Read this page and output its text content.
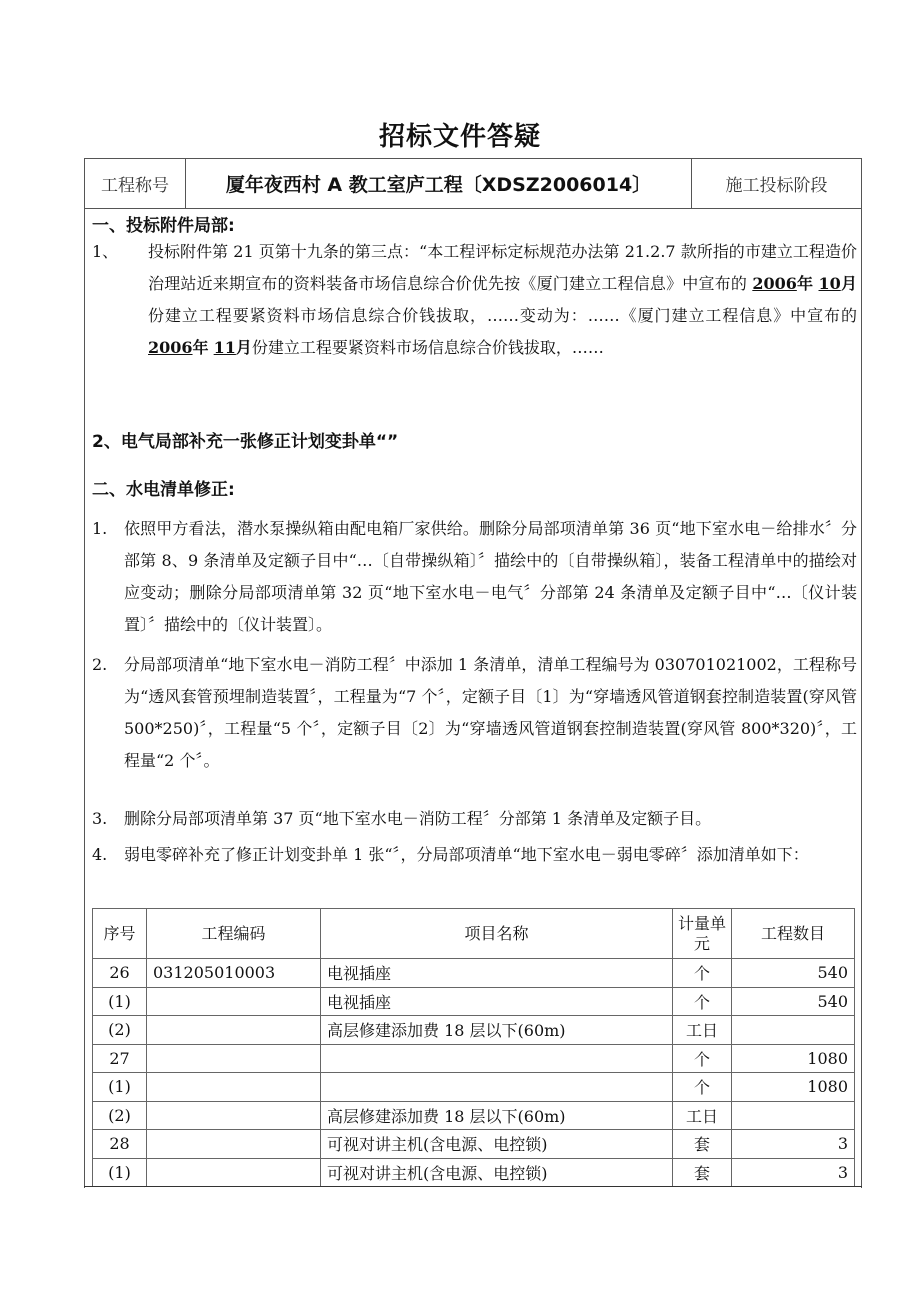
招标文件答疑
工程称号	厦年夜西村 A 教工室庐工程〔XDSZ2006014〕	施工投标阶段
一、投标附件局部:
1、 投标附件第 21 页第十九条的第三点：“本工程评标定标规范办法第 21.2.7 款所指的市建立工程造价治理站近来期宣布的资料装备市场信息综合价优先按《厦门建立工程信息》中宣布的 2006年 10月份建立工程要紧资料市场信息综合价钱拔取，……变动为：……《厦门建立工程信息》中宣布的 2006年 11月份建立工程要紧资料市场信息综合价钱拔取，……
2、电气局部补充一张修正计划变卦单“”
二、水电清单修正:
1. 依照甲方看法，潜水泵操纵箱由配电箱厂家供给。删除分局部项清单第 36 页“地下室水电－给排水〞分部第 8、9 条清单及定额子目中“…〔自带操纵箱〕〞描绘中的〔自带操纵箱〕，装备工程清单中的描绘对应变动；删除分局部项清单第 32 页“地下室水电－电气〞分部第 24 条清单及定额子目中“…〔仪计装置〕〞描绘中的〔仪计装置〕。
2. 分局部项清单“地下室水电－消防工程〞中添加 1 条清单，清单工程编号为 030701021002，工程称号为“透风套管预埋制造装置〞，工程量为“7 个〞，定额子目〔1〕为“穿墙透风管道钢套控制造装置(穿风管 500*250)〞，工程量“5 个〞，定额子目〔2〕为“穿墙透风管道钢套控制造装置(穿风管 800*320)〞，工程量“2 个〞。
3. 删除分局部项清单第 37 页“地下室水电－消防工程〞分部第 1 条清单及定额子目。
4. 弱电零碎补充了修正计划变卦单 1 张“〞，分局部项清单“地下室水电－弱电零碎〞添加清单如下：
序号	工程编码	项目名称	计量单元	工程数目
26	031205010003	电视插座	个	540
(1)		电视插座	个	540
(2)		高层修建添加费 18 层以下(60m)	工日	
27			个	1080
(1)			个	1080
(2)		高层修建添加费 18 层以下(60m)	工日	
28		可视对讲主机(含电源、电控锁)	套	3
(1)		可视对讲主机(含电源、电控锁)	套	3
